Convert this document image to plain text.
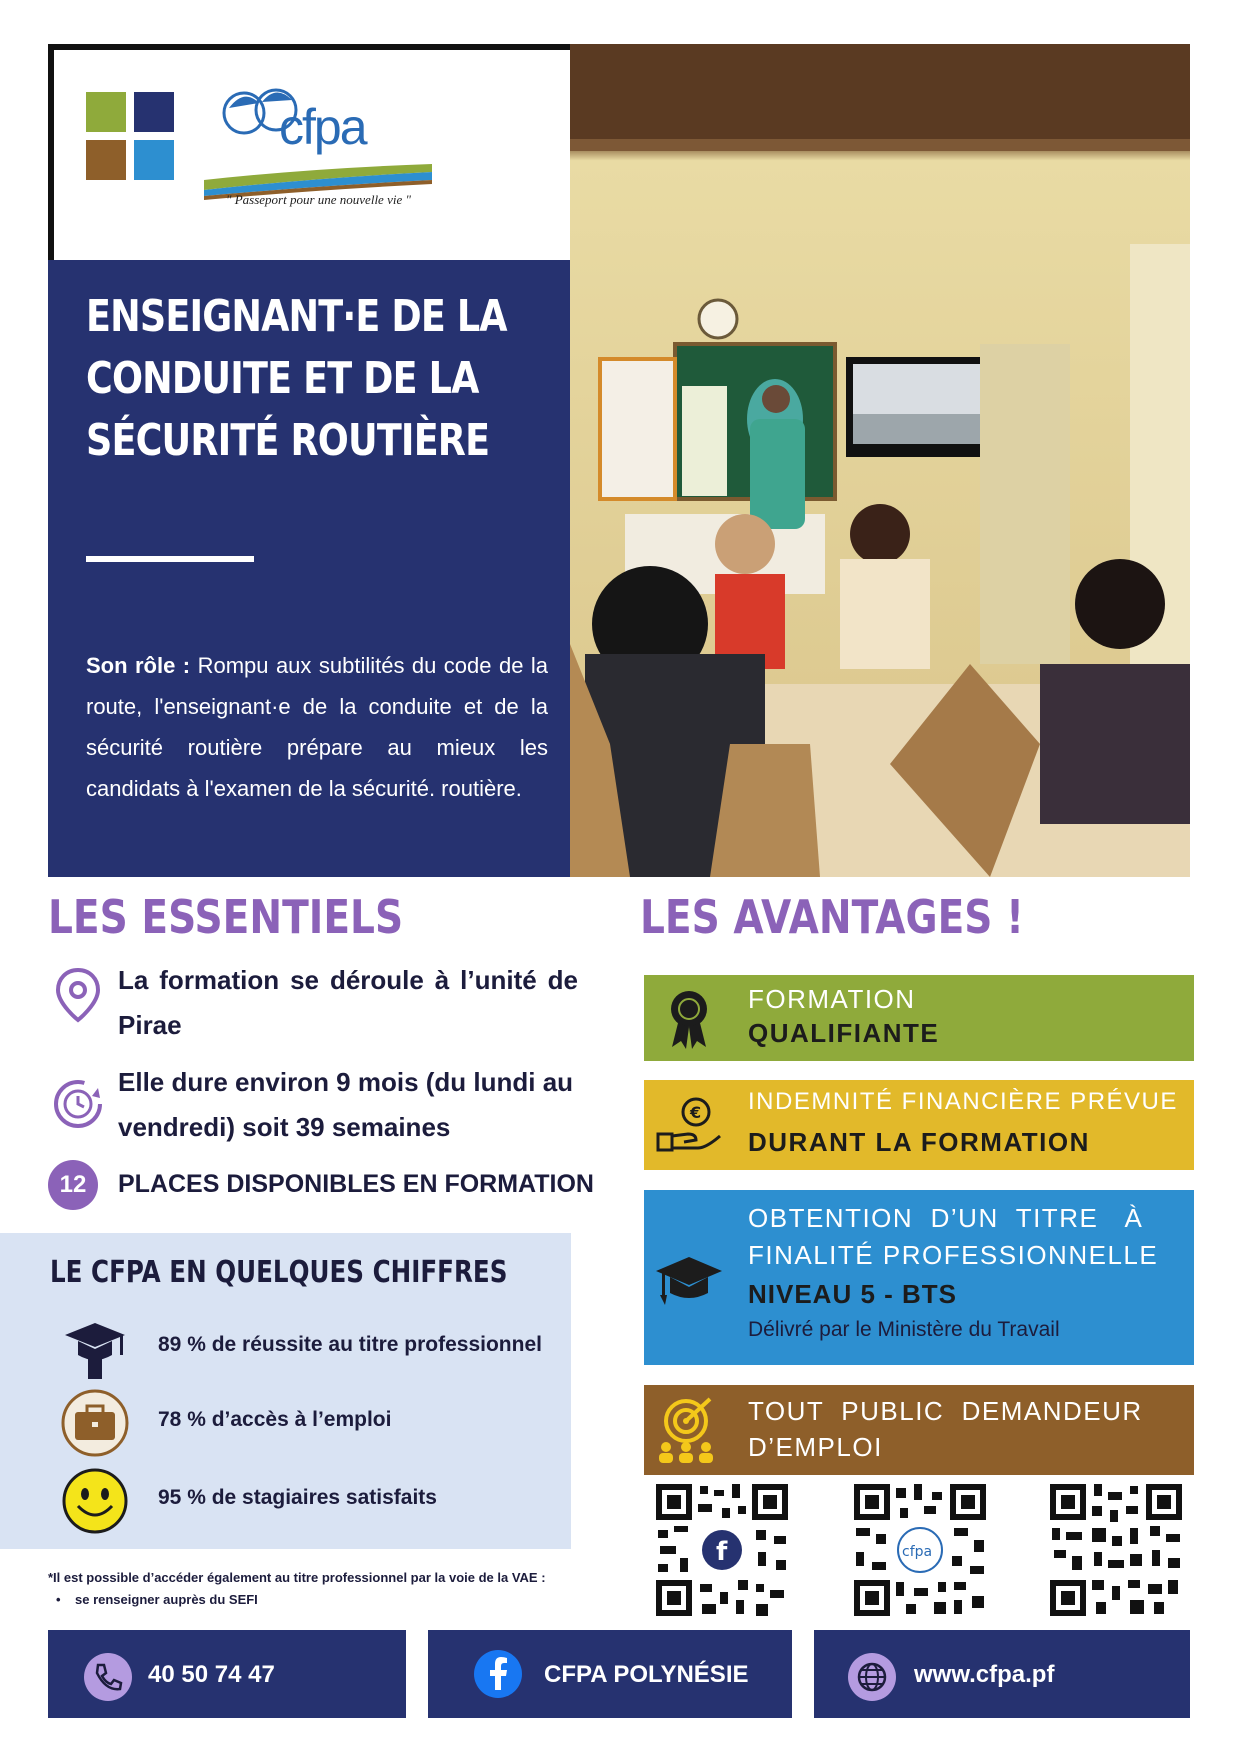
cfpa
" Passeport pour une nouvelle vie "
ENSEIGNANT·E DE LA
CONDUITE ET DE LA
SÉCURITÉ ROUTIÈRE
Son rôle : Rompu aux subtilités du code de la route, l'enseignant·e de la conduite et de la sécurité routière prépare au mieux les candidats à l'examen de la sécurité. routière.
LES ESSENTIELS
La formation se déroule à l’unité de Pirae
Elle dure environ 9 mois (du lundi au vendredi) soit 39 semaines
12	PLACES DISPONIBLES EN FORMATION
LE CFPA EN QUELQUES CHIFFRES
89 % de réussite au titre professionnel
78 % d’accès à l’emploi
95 % de stagiaires satisfaits
*Il est possible d’accéder également au titre professionnel par la voie de la VAE :
•    se renseigner auprès du SEFI
LES AVANTAGES !
FORMATION
QUALIFIANTE
€ INDEMNITÉ FINANCIÈRE PRÉVUE
DURANT LA FORMATION
OBTENTION  D’UN  TITRE   À
FINALITÉ PROFESSIONNELLE
NIVEAU 5 - BTS
Délivré par le Ministère du Travail
TOUT  PUBLIC  DEMANDEUR
D’EMPLOI
f	cfpa
40 50 74 47	CFPA POLYNÉSIE	www.cfpa.pf
